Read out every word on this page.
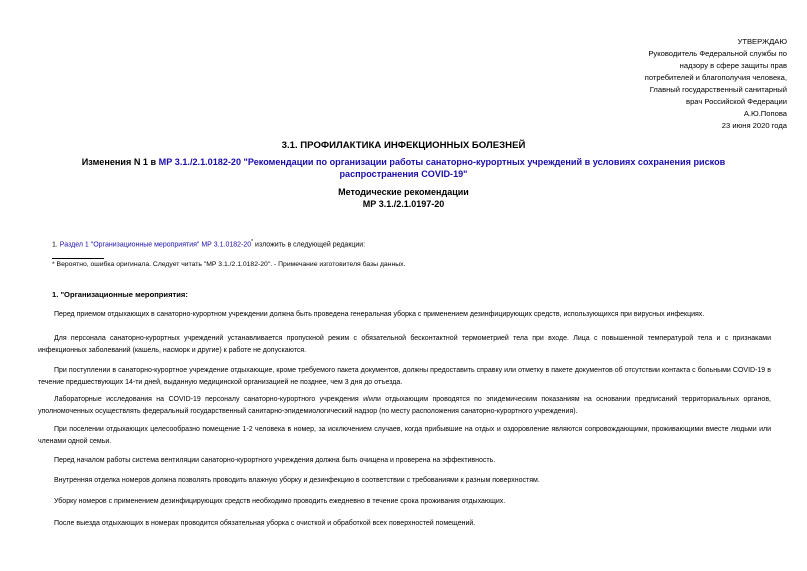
УТВЕРЖДАЮ
Руководитель Федеральной службы по
надзору в сфере защиты прав
потребителей и благополучия человека,
Главный государственный санитарный
врач Российской Федерации
А.Ю.Попова
23 июня 2020 года
3.1. ПРОФИЛАКТИКА ИНФЕКЦИОННЫХ БОЛЕЗНЕЙ
Изменения N 1 в МР 3.1./2.1.0182-20 "Рекомендации по организации работы санаторно-курортных учреждений в условиях сохранения рисков распространения COVID-19"
Методические рекомендации
МР 3.1./2.1.0197-20
1. Раздел 1 "Организационные мероприятия" МР 3.1.0182-20* изложить в следующей редакции:
* Вероятно, ошибка оригинала. Следует читать "МР 3.1./2.1.0182-20". - Примечание изготовителя базы данных.
1. "Организационные мероприятия:
Перед приемом отдыхающих в санаторно-курортном учреждении должна быть проведена генеральная уборка с применением дезинфицирующих средств, использующихся при вирусных инфекциях.
Для персонала санаторно-курортных учреждений устанавливается пропускной режим с обязательной бесконтактной термометрией тела при входе. Лица с повышенной температурой тела и с признаками инфекционных заболеваний (кашель, насморк и другие) к работе не допускаются.
При поступлении в санаторно-курортное учреждение отдыхающие, кроме требуемого пакета документов, должны предоставить справку или отметку в пакете документов об отсутствии контакта с больными COVID-19 в течение предшествующих 14-ти дней, выданную медицинской организацией не позднее, чем 3 дня до отъезда.
Лабораторные исследования на COVID-19 персоналу санаторно-курортного учреждения и/или отдыхающим проводятся по эпидемическим показаниям на основании предписаний территориальных органов, уполномоченных осуществлять федеральный государственный санитарно-эпидемиологический надзор (по месту расположения санаторно-курортного учреждения).
При поселении отдыхающих целесообразно помещение 1-2 человека в номер, за исключением случаев, когда прибывшие на отдых и оздоровление являются сопровождающими, проживающими вместе людьми или членами одной семьи.
Перед началом работы система вентиляции санаторно-курортного учреждения должна быть очищена и проверена на эффективность.
Внутренняя отделка номеров должна позволять проводить влажную уборку и дезинфекцию в соответствии с требованиями к разным поверхностям.
Уборку номеров с применением дезинфицирующих средств необходимо проводить ежедневно в течение срока проживания отдыхающих.
После выезда отдыхающих в номерах проводится обязательная уборка с очисткой и обработкой всех поверхностей помещений.
